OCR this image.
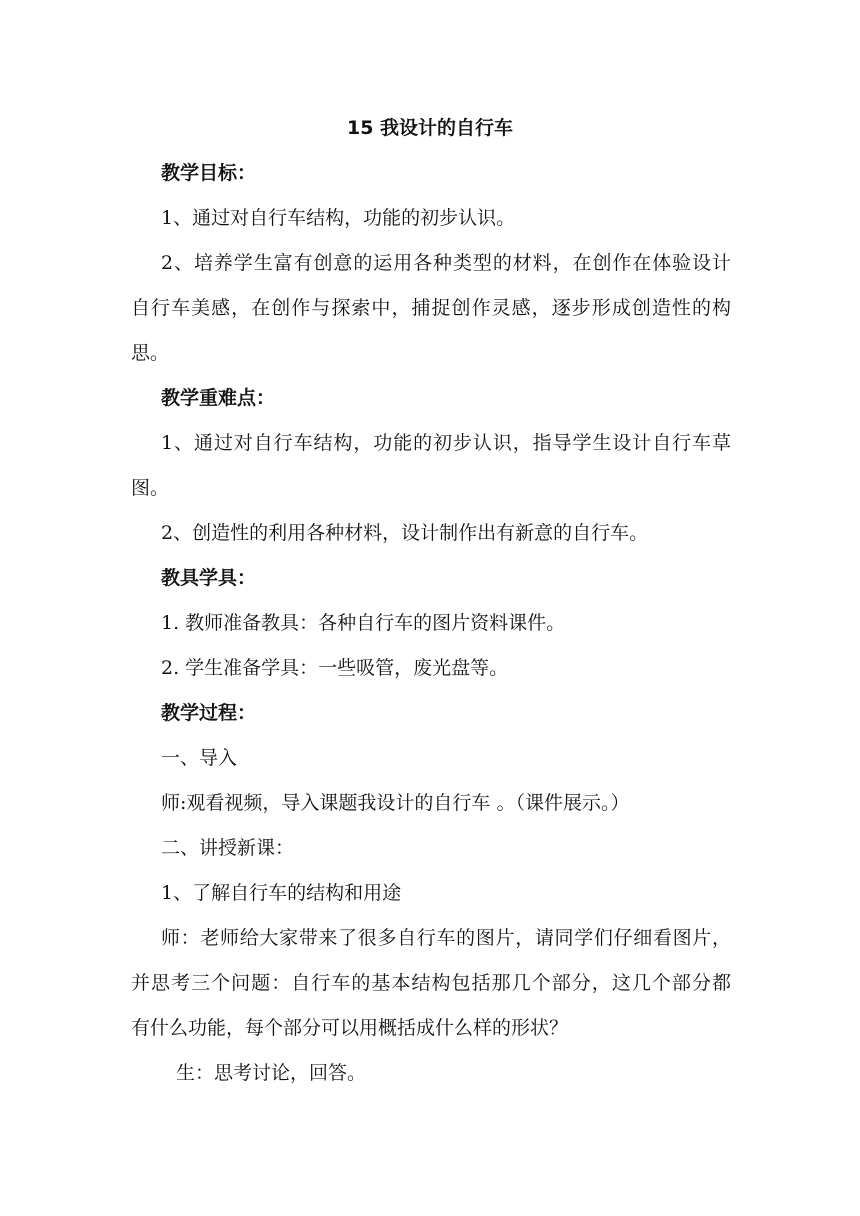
15 我设计的自行车
教学目标：
1、通过对自行车结构，功能的初步认识。
2、培养学生富有创意的运用各种类型的材料，在创作在体验设计
自行车美感，在创作与探索中，捕捉创作灵感，逐步形成创造性的构
思。
教学重难点：
1、通过对自行车结构，功能的初步认识，指导学生设计自行车草
图。
2、创造性的利用各种材料，设计制作出有新意的自行车。
教具学具：
1. 教师准备教具：各种自行车的图片资料课件。
2. 学生准备学具：一些吸管，废光盘等。
教学过程：
一、导入
师:观看视频，导入课题我设计的自行车 。（课件展示。）
二、讲授新课：
1、了解自行车的结构和用途
师：老师给大家带来了很多自行车的图片，请同学们仔细看图片，
并思考三个问题：自行车的基本结构包括那几个部分，这几个部分都
有什么功能，每个部分可以用概括成什么样的形状？
生：思考讨论，回答。
